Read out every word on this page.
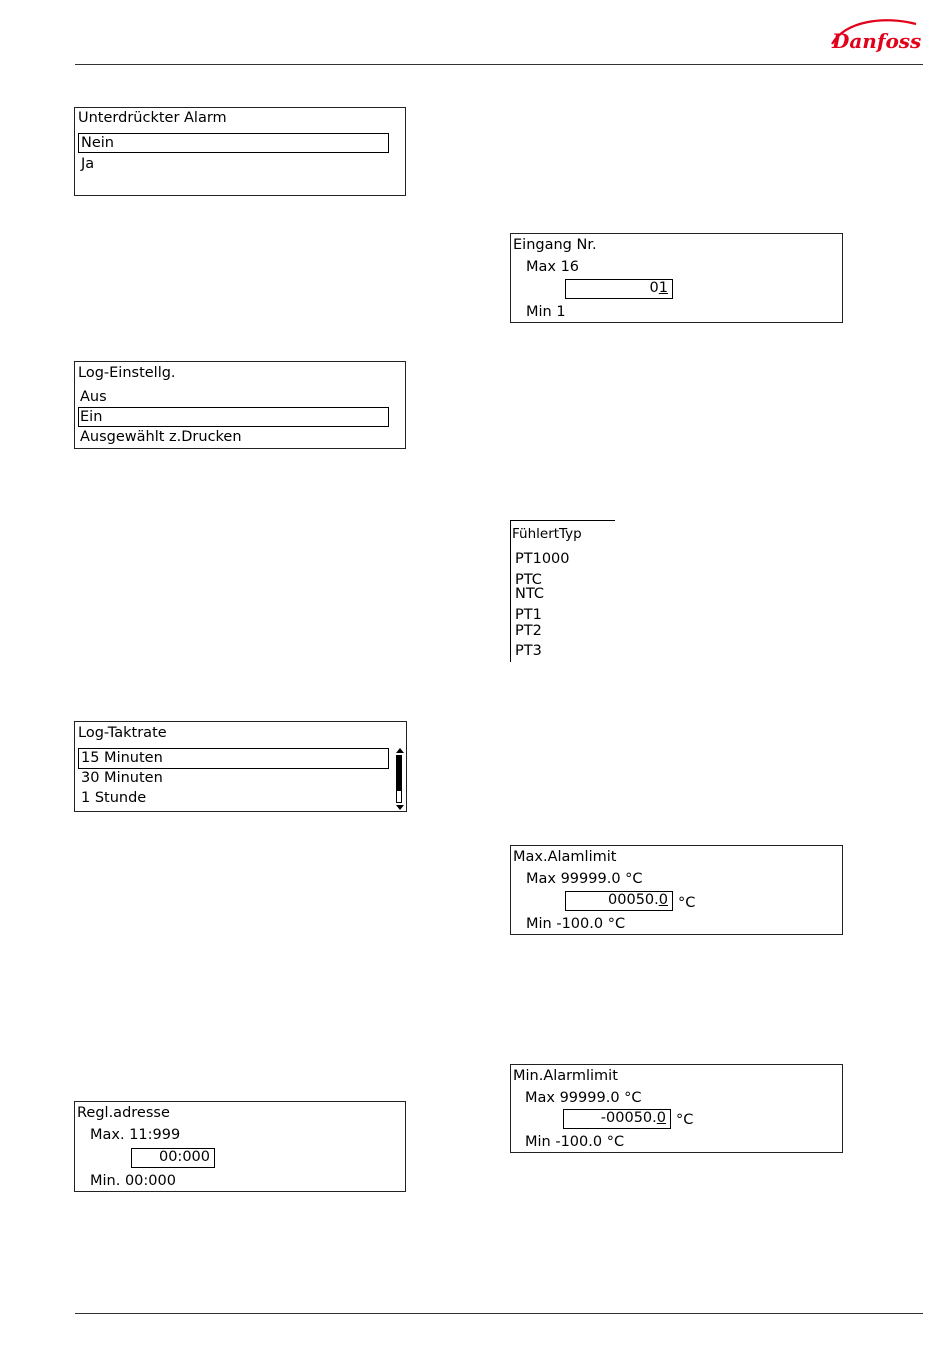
Danfoss
Unterdrückter Alarm
Nein
Ja
Log-Einstellg.
Aus
Ein
Ausgewählt z.Drucken
Log-Taktrate
15 Minuten
30 Minuten
1 Stunde
Regl.adresse
Max. 11:999
00:000
Min. 00:000
Eingang Nr.
Max 16
01
Min 1
FühlertTyp
PT1000
PTC
NTC
PT1
PT2
PT3
Max.Alamlimit
Max 99999.0 °C
00050.0 °C
Min -100.0 °C
Min.Alarmlimit
Max 99999.0 °C
-00050.0 °C
Min -100.0 °C
